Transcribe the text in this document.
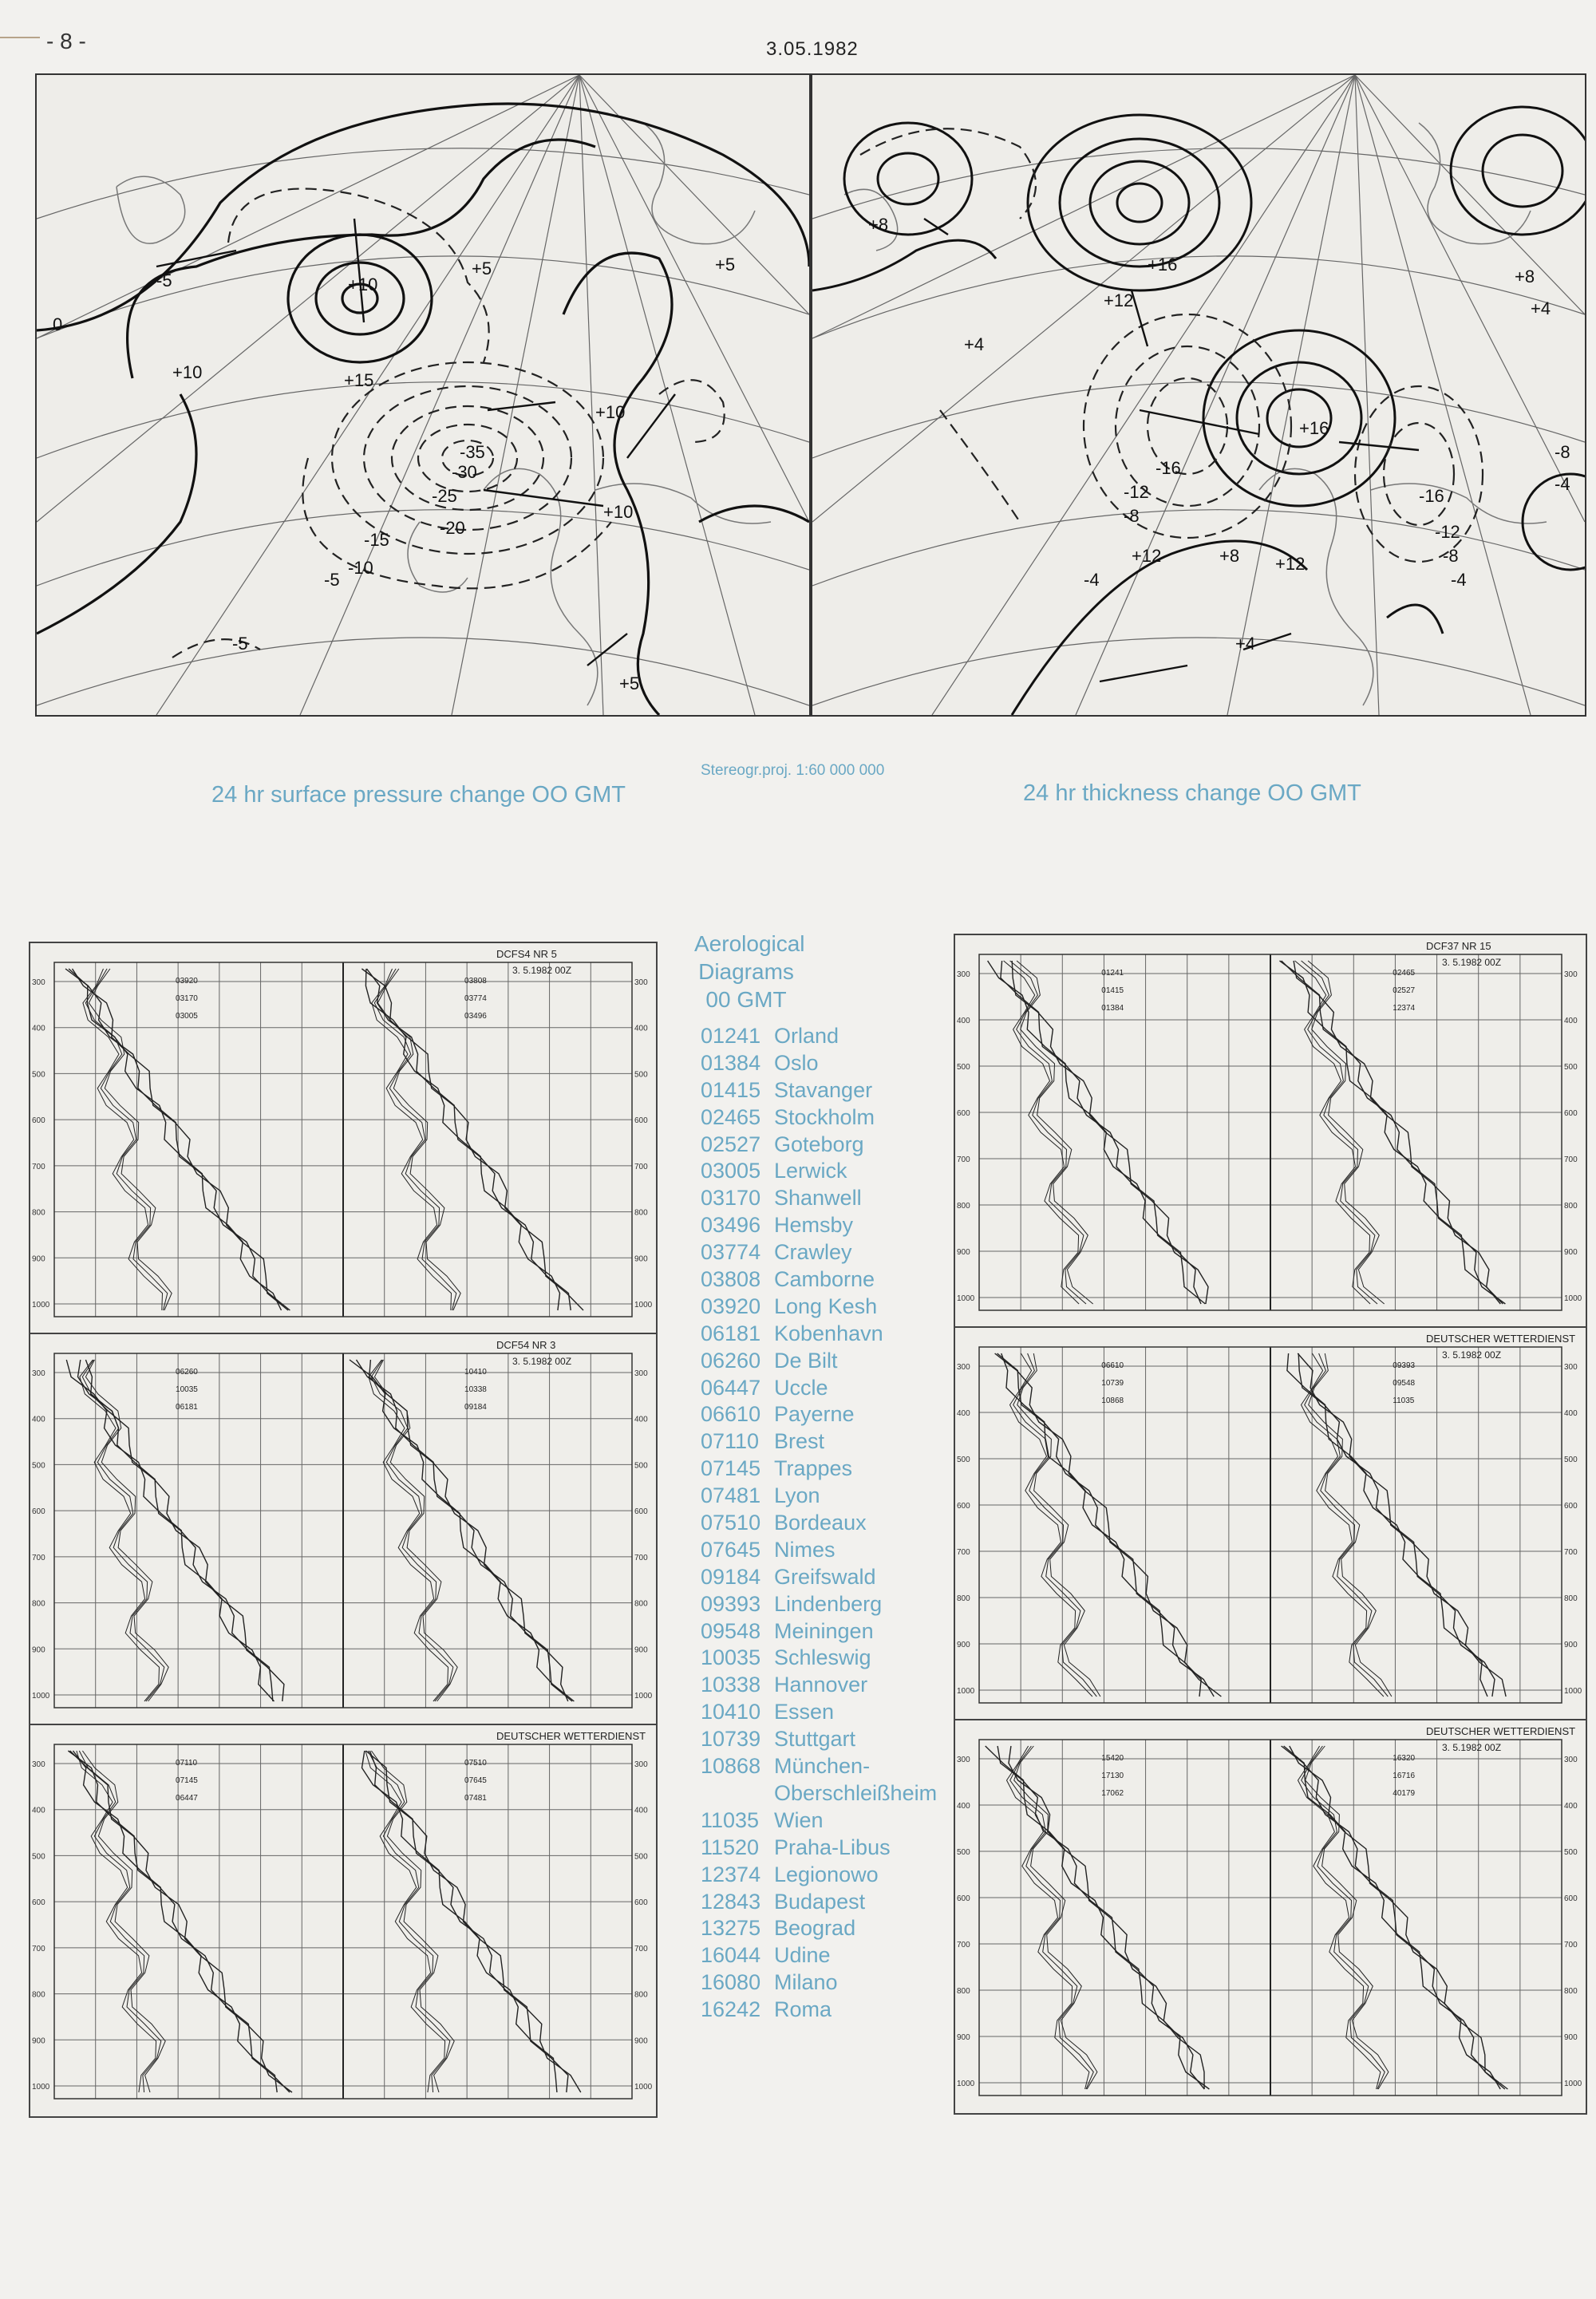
- 8 -	3.05.1982
+5
+10	+15
+10
-5
-25
-30
-35
-20
-15
-10
-5
-5
+10
+10
+5
+5
0
+8
+4
+12
+16
+12
-16
-12
-8
-4
+16
+12
+8
-16
-12
-8
-4
+4
+8
+4
-4
-8
24 hr surface pressure change OO GMT
Stereogr.proj. 1:60 000 000
24 hr thickness change OO GMT
300	300
400	400
500	500
600	600
700	700
800	800
900	900
1000	1000
DCFS4 NR 5
3. 5.1982 00Z
03920
03170
03005
03808
03774
03496
300	300
400	400
500	500
600	600
700	700
800	800
900	900
1000	1000
DCF54 NR 3
3. 5.1982 00Z
06260
10035
06181
10410
10338
09184
300	300
400	400
500	500
600	600
700	700
800	800
900	900
1000	1000
DEUTSCHER WETTERDIENST
07110
07145
06447
07510
07645
07481
300	300
400	400
500	500
600	600
700	700
800	800
900	900
1000	1000
DCF37 NR 15
3. 5.1982 00Z
01241
01415
01384
02465
02527
12374
300	300
400	400
500	500
600	600
700	700
800	800
900	900
1000	1000
DEUTSCHER WETTERDIENST
3. 5.1982 00Z
06610
10739
10868
09393
09548
11035
300	300
400	400
500	500
600	600
700	700
800	800
900	900
1000	1000
DEUTSCHER WETTERDIENST
3. 5.1982 00Z
15420
17130
17062
16320
16716
40179
Aerological
Diagrams
00 GMT
01241 Orland
01384 Oslo
01415 Stavanger
02465 Stockholm
02527 Goteborg
03005 Lerwick
03170 Shanwell
03496 Hemsby
03774 Crawley
03808 Camborne
03920 Long Kesh
06181 Kobenhavn
06260 De Bilt
06447 Uccle
06610 Payerne
07110 Brest
07145 Trappes
07481 Lyon
07510 Bordeaux
07645 Nimes
09184 Greifswald
09393 Lindenberg
09548 Meiningen
10035 Schleswig
10338 Hannover
10410 Essen
10739 Stuttgart
10868 München-
Oberschleißheim
11035 Wien
11520 Praha-Libus
12374 Legionowo
12843 Budapest
13275 Beograd
16044 Udine
16080 Milano
16242 Roma
